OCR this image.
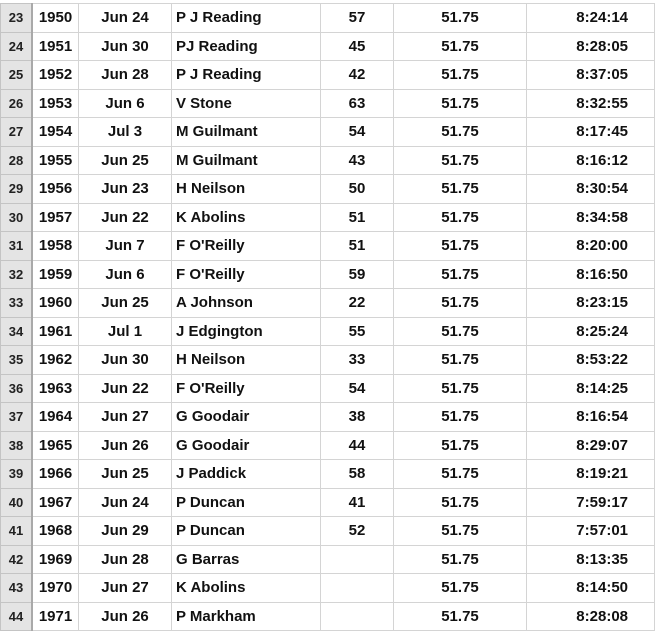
23	1950	Jun 24	P J Reading	57	51.75	8:24:14
24	1951	Jun 30	PJ Reading	45	51.75	8:28:05
25	1952	Jun 28	P J Reading	42	51.75	8:37:05
26	1953	Jun 6	V Stone	63	51.75	8:32:55
27	1954	Jul 3	M Guilmant	54	51.75	8:17:45
28	1955	Jun 25	M Guilmant	43	51.75	8:16:12
29	1956	Jun 23	H Neilson	50	51.75	8:30:54
30	1957	Jun 22	K Abolins	51	51.75	8:34:58
31	1958	Jun 7	F O'Reilly	51	51.75	8:20:00
32	1959	Jun 6	F O'Reilly	59	51.75	8:16:50
33	1960	Jun 25	A Johnson	22	51.75	8:23:15
34	1961	Jul 1	J Edgington	55	51.75	8:25:24
35	1962	Jun 30	H Neilson	33	51.75	8:53:22
36	1963	Jun 22	F O'Reilly	54	51.75	8:14:25
37	1964	Jun 27	G Goodair	38	51.75	8:16:54
38	1965	Jun 26	G Goodair	44	51.75	8:29:07
39	1966	Jun 25	J Paddick	58	51.75	8:19:21
40	1967	Jun 24	P Duncan	41	51.75	7:59:17
41	1968	Jun 29	P Duncan	52	51.75	7:57:01
42	1969	Jun 28	G Barras		51.75	8:13:35
43	1970	Jun 27	K Abolins		51.75	8:14:50
44	1971	Jun 26	P Markham		51.75	8:28:08
